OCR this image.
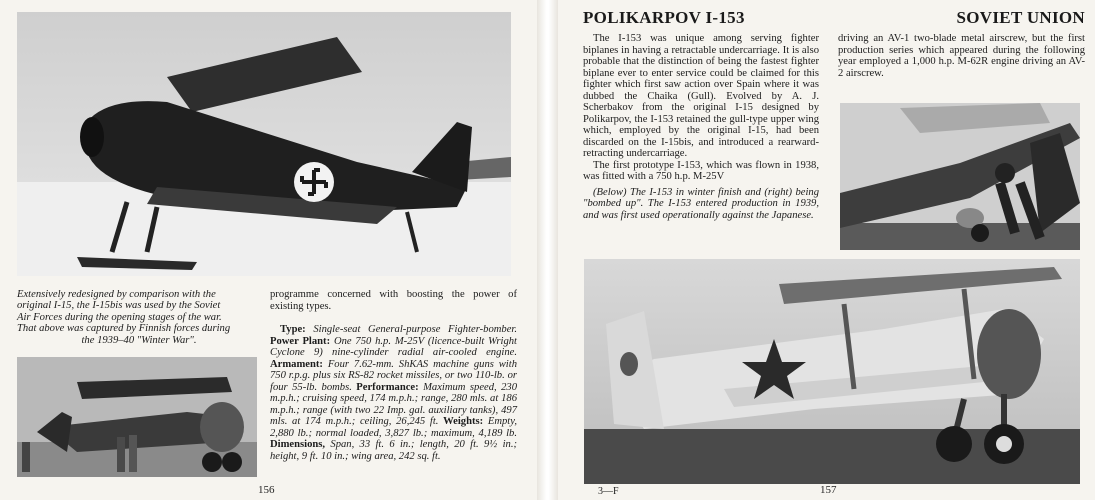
Extensively redesigned by comparison with the
original I-15, the I-15bis was used by the Soviet
Air Forces during the opening stages of the war.
That above was captured by Finnish forces during
the 1939–40 "Winter War".

programme concerned with boosting the power of existing types.

Type: Single-seat General-purpose Fighter-bomber. Power Plant: One 750 h.p. M-25V (licence-built Wright Cyclone 9) nine-cylinder radial air-cooled engine. Armament: Four 7.62-mm. ShKAS machine guns with 750 r.p.g. plus six RS-82 rocket missiles, or two 110-lb. or four 55-lb. bombs. Performance: Maximum speed, 230 m.p.h.; cruising speed, 174 m.p.h.; range, 280 mls. at 186 m.p.h.; range (with two 22 Imp. gal. auxiliary tanks), 497 mls. at 174 m.p.h.; ceiling, 26,245 ft. Weights: Empty, 2,880 lb.; normal loaded, 3,827 lb.; maximum, 4,189 lb. Dimensions, Span, 33 ft. 6 in.; length, 20 ft. 9½ in.; height, 9 ft. 10 in.; wing area, 242 sq. ft.

156
POLIKARPOV I-153	SOVIET UNION

The I-153 was unique among serving fighter biplanes in having a retractable undercarriage. It is also probable that the distinction of being the fastest fighter biplane ever to enter service could be claimed for this fighter which first saw action over Spain where it was dubbed the Chaika (Gull). Evolved by A. J. Scherbakov from the original I-15 designed by Polikarpov, the I-153 retained the gull-type upper wing which, employed by the original I-15, had been discarded on the I-15bis, and introduced a rearward-retracting undercarriage.

The first prototype I-153, which was flown in 1938, was fitted with a 750 h.p. M-25V

(Below) The I-153 in winter finish and (right) being "bombed up". The I-153 entered production in 1939, and was first used operationally against the Japanese.

driving an AV-1 two-blade metal airscrew, but the first production series which appeared during the following year employed a 1,000 h.p. M-62R engine driving an AV-2 airscrew.

3—F	157
